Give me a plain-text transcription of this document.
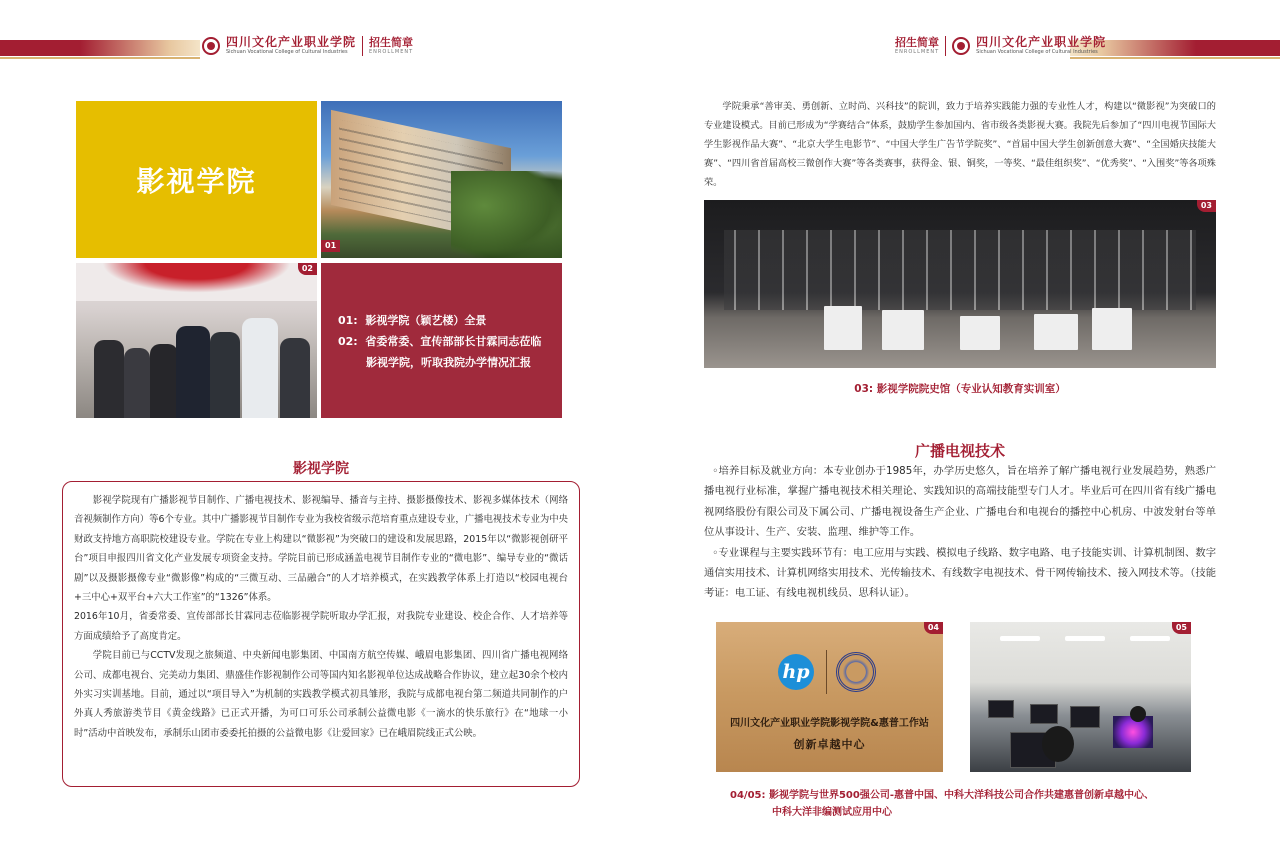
四川文化产业职业学院
Sichuan Vocational College of Cultural Industries
招生简章
ENROLLMENT
招生简章
ENROLLMENT
四川文化产业职业学院
Sichuan Vocational College of Cultural Industries
影视学院
01
02
01: 影视学院（颖艺楼）全景
02: 省委常委、宣传部部长甘霖同志莅临
影视学院，听取我院办学情况汇报
影视学院

影视学院现有广播影视节目制作、广播电视技术、影视编导、播音与主持、摄影摄像技术、影视多媒体技术（网络音视频制作方向）等6个专业。其中广播影视节目制作专业为我校省级示范培育重点建设专业，广播电视技术专业为中央财政支持地方高职院校建设专业。学院在专业上构建以“微影视”为突破口的建设和发展思路，2015年以“微影视创研平台”项目申报四川省文化产业发展专项资金支持。学院目前已形成涵盖电视节目制作专业的“微电影”、编导专业的“微话剧”以及摄影摄像专业“微影像”构成的“三微互动、三品融合”的人才培养模式，在实践教学体系上打造以“校园电视台+三中心+双平台+六大工作室”的“1326”体系。

2016年10月，省委常委、宣传部部长甘霖同志莅临影视学院听取办学汇报，对我院专业建设、校企合作、人才培养等方面成绩给予了高度肯定。

学院目前已与CCTV发现之旅频道、中央新闻电影集团、中国南方航空传媒、峨眉电影集团、四川省广播电视网络公司、成都电视台、完美动力集团、鼎盛佳作影视制作公司等国内知名影视单位达成战略合作协议，建立起30余个校内外实习实训基地。目前，通过以“项目导入”为机制的实践教学模式初具雏形，我院与成都电视台第二频道共同制作的户外真人秀旅游类节目《黄金线路》已正式开播，为可口可乐公司承制公益微电影《一滴水的快乐旅行》在“地球一小时”活动中首映发布，承制乐山团市委委托拍摄的公益微电影《让爱回家》已在峨眉院线正式公映。

学院秉承“善审美、勇创新、立时尚、兴科技”的院训，致力于培养实践能力强的专业性人才，构建以“微影视”为突破口的专业建设模式。目前已形成为“学赛结合”体系，鼓励学生参加国内、省市级各类影视大赛。我院先后参加了“四川电视节国际大学生影视作品大赛”、“北京大学生电影节”、“中国大学生广告节学院奖”、“首届中国大学生创新创意大赛”、“全国婚庆技能大赛”、“四川省首届高校三微创作大赛”等各类赛事，获得金、银、铜奖，一等奖、“最佳组织奖”、“优秀奖”、“入围奖”等各项殊荣。

03
03: 影视学院院史馆（专业认知教育实训室）
广播电视技术

◦培养目标及就业方向：本专业创办于1985年，办学历史悠久，旨在培养了解广播电视行业发展趋势，熟悉广播电视行业标准，掌握广播电视技术相关理论、实践知识的高端技能型专门人才。毕业后可在四川省有线广播电视网络股份有限公司及下属公司、广播电视设备生产企业、广播电台和电视台的播控中心机房、中波发射台等单位从事设计、生产、安装、监理、维护等工作。

◦专业课程与主要实践环节有：电工应用与实践、模拟电子线路、数字电路、电子技能实训、计算机制图、数字通信实用技术、计算机网络实用技术、光传输技术、有线数字电视技术、骨干网传输技术、接入网技术等。（技能考证：电工证、有线电视机线员、思科认证）。

hp
四川文化产业职业学院影视学院&惠普工作站
创新卓越中心
04	05
04/05: 影视学院与世界500强公司-惠普中国、中科大洋科技公司合作共建惠普创新卓越中心、
中科大洋非编测试应用中心
